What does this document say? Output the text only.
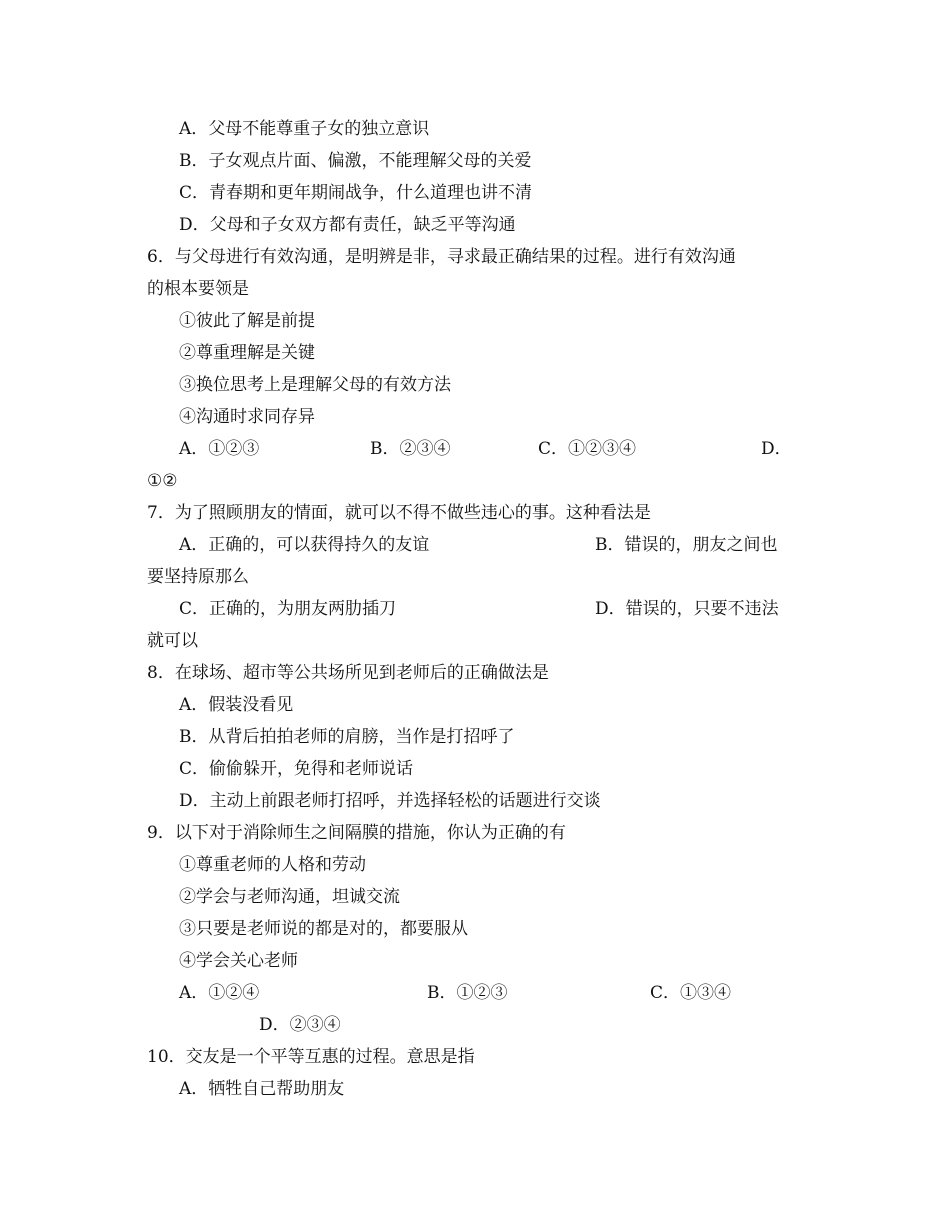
A．父母不能尊重子女的独立意识
B．子女观点片面、偏激，不能理解父母的关爱
C．青春期和更年期闹战争，什么道理也讲不清
D．父母和子女双方都有责任，缺乏平等沟通
6．与父母进行有效沟通，是明辨是非，寻求最正确结果的过程。进行有效沟通
的根本要领是
①彼此了解是前提
②尊重理解是关键
③换位思考上是理解父母的有效方法
④沟通时求同存异
A．①②③	B．②③④	C．①②③④	D．
①②
7．为了照顾朋友的情面，就可以不得不做些违心的事。这种看法是
A．正确的，可以获得持久的友谊	B．错误的，朋友之间也
要坚持原那么
C．正确的，为朋友两肋插刀	D．错误的，只要不违法
就可以
8．在球场、超市等公共场所见到老师后的正确做法是
A．假装没看见
B．从背后拍拍老师的肩膀，当作是打招呼了
C．偷偷躲开，免得和老师说话
D．主动上前跟老师打招呼，并选择轻松的话题进行交谈
9．以下对于消除师生之间隔膜的措施，你认为正确的有
①尊重老师的人格和劳动
②学会与老师沟通，坦诚交流
③只要是老师说的都是对的，都要服从
④学会关心老师
A．①②④	B．①②③	C．①③④
D．②③④
10．交友是一个平等互惠的过程。意思是指
A．牺牲自己帮助朋友
